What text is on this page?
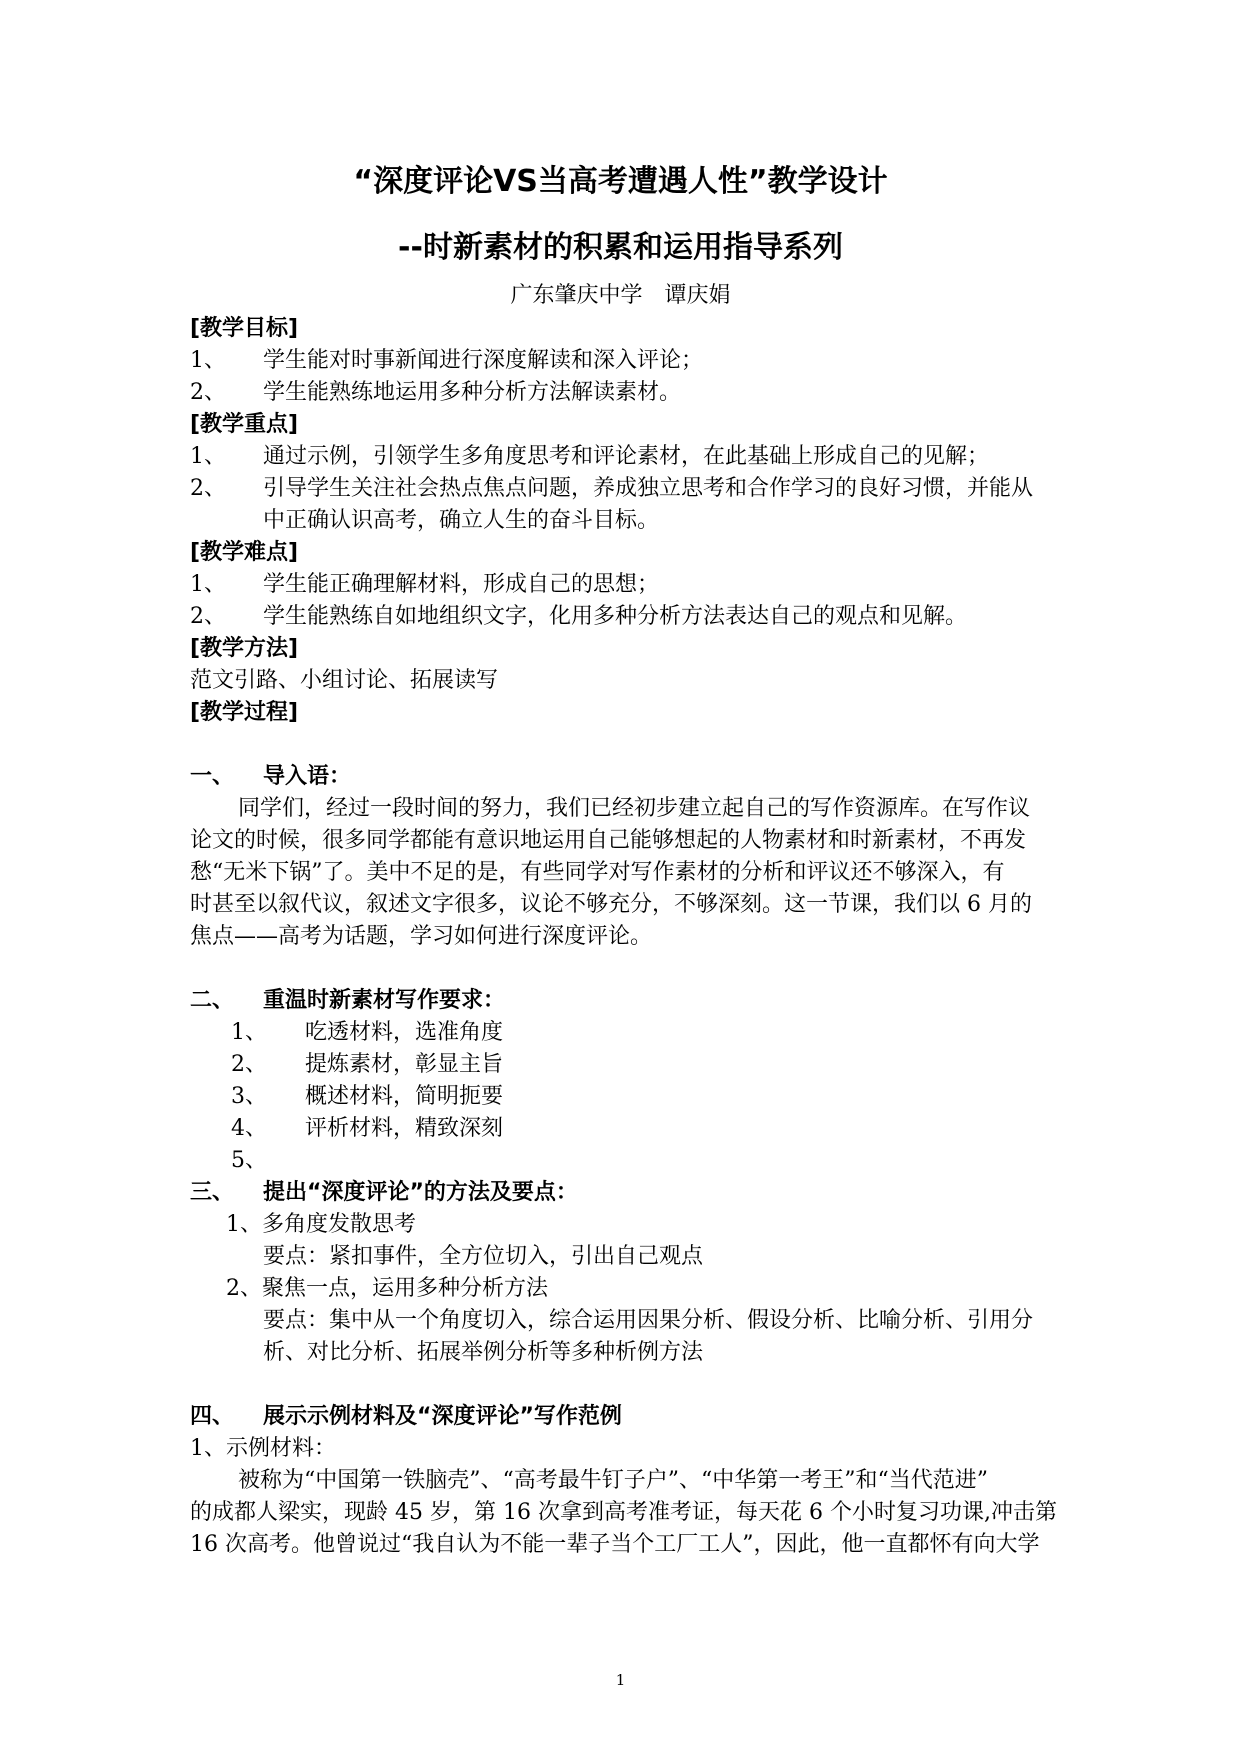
“深度评论VS当高考遭遇人性”教学设计
--时新素材的积累和运用指导系列
广东肇庆中学　谭庆娟
[教学目标]
1、 学生能对时事新闻进行深度解读和深入评论；
2、 学生能熟练地运用多种分析方法解读素材。
[教学重点]
1、 通过示例，引领学生多角度思考和评论素材，在此基础上形成自己的见解；
2、 引导学生关注社会热点焦点问题，养成独立思考和合作学习的良好习惯，并能从
中正确认识高考，确立人生的奋斗目标。
[教学难点]
1、 学生能正确理解材料，形成自己的思想；
2、 学生能熟练自如地组织文字，化用多种分析方法表达自己的观点和见解。
[教学方法]
范文引路、小组讨论、拓展读写
[教学过程]
一、 导入语：
同学们，经过一段时间的努力，我们已经初步建立起自己的写作资源库。在写作议
论文的时候，很多同学都能有意识地运用自己能够想起的人物素材和时新素材，不再发
愁“无米下锅”了。美中不足的是，有些同学对写作素材的分析和评议还不够深入，有
时甚至以叙代议，叙述文字很多，议论不够充分，不够深刻。这一节课，我们以 6 月的
焦点——高考为话题，学习如何进行深度评论。
二、 重温时新素材写作要求：
1、 吃透材料，选准角度
2、 提炼素材，彰显主旨
3、 概述材料，简明扼要
4、 评析材料，精致深刻
5、
三、 提出“深度评论”的方法及要点：
1、多角度发散思考
要点：紧扣事件，全方位切入，引出自己观点
2、聚焦一点，运用多种分析方法
要点：集中从一个角度切入，综合运用因果分析、假设分析、比喻分析、引用分
析、对比分析、拓展举例分析等多种析例方法
四、 展示示例材料及“深度评论”写作范例
1、示例材料：
被称为“中国第一铁脑壳”、“高考最牛钉子户”、“中华第一考王”和“当代范进”
的成都人梁实，现龄 45 岁，第 16 次拿到高考准考证，每天花 6 个小时复习功课,冲击第
16 次高考。他曾说过“我自认为不能一辈子当个工厂工人”，因此，他一直都怀有向大学
1
